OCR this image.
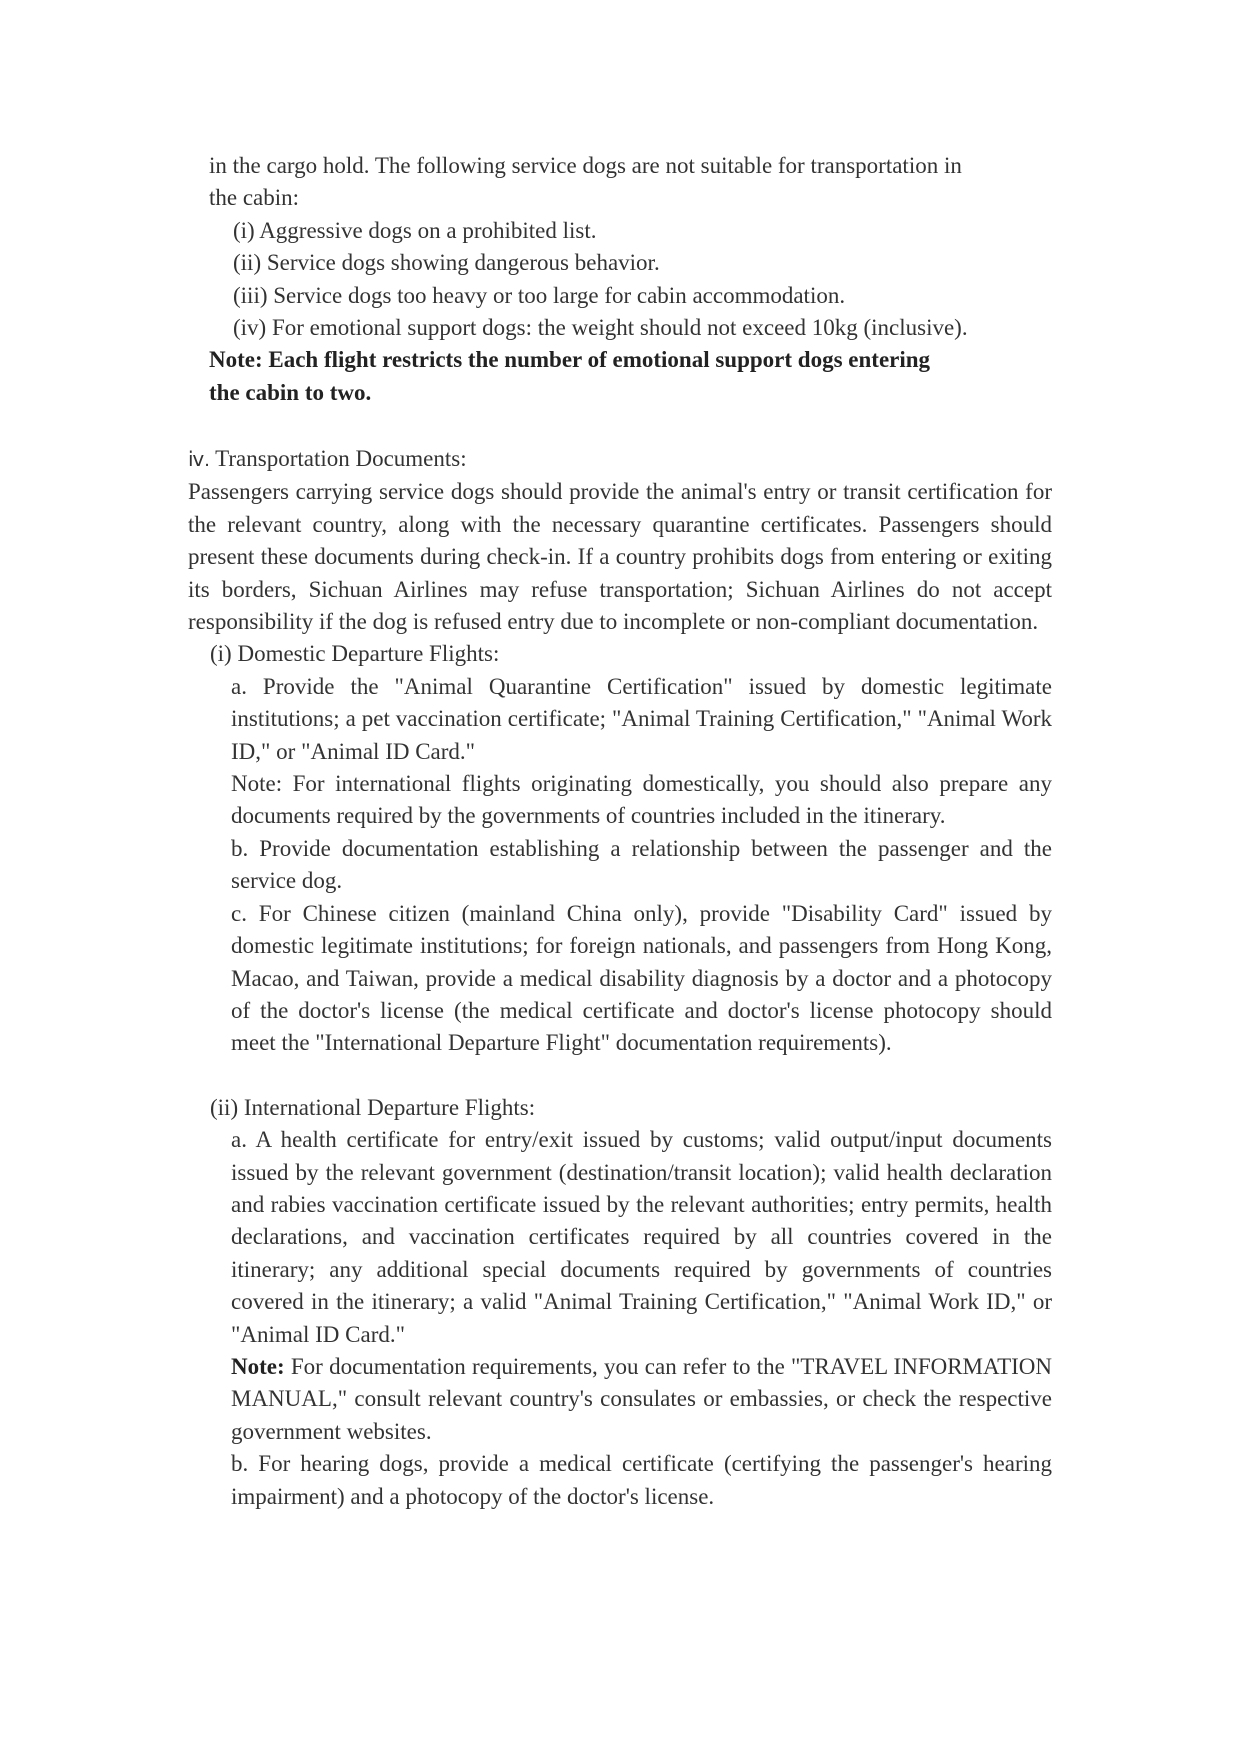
in the cargo hold. The following service dogs are not suitable for transportation in
the cabin:
(i) Aggressive dogs on a prohibited list.
(ii) Service dogs showing dangerous behavior.
(iii) Service dogs too heavy or too large for cabin accommodation.
(iv) For emotional support dogs: the weight should not exceed 10kg (inclusive).
Note: Each flight restricts the number of emotional support dogs entering
the cabin to two.
ⅳ. Transportation Documents:
Passengers carrying service dogs should provide the animal's entry or transit certification for the relevant country, along with the necessary quarantine certificates. Passengers should present these documents during check-in. If a country prohibits dogs from entering or exiting its borders, Sichuan Airlines may refuse transportation; Sichuan Airlines do not accept responsibility if the dog is refused entry due to incomplete or non-compliant documentation.
(i) Domestic Departure Flights:
a. Provide the "Animal Quarantine Certification" issued by domestic legitimate institutions; a pet vaccination certificate; "Animal Training Certification," "Animal Work ID," or "Animal ID Card."
Note: For international flights originating domestically, you should also prepare any documents required by the governments of countries included in the itinerary.
b. Provide documentation establishing a relationship between the passenger and the service dog.
c. For Chinese citizen (mainland China only), provide "Disability Card" issued by domestic legitimate institutions; for foreign nationals, and passengers from Hong Kong, Macao, and Taiwan, provide a medical disability diagnosis by a doctor and a photocopy of the doctor's license (the medical certificate and doctor's license photocopy should meet the "International Departure Flight" documentation requirements).
(ii) International Departure Flights:
a. A health certificate for entry/exit issued by customs; valid output/input documents issued by the relevant government (destination/transit location); valid health declaration and rabies vaccination certificate issued by the relevant authorities; entry permits, health declarations, and vaccination certificates required by all countries covered in the itinerary; any additional special documents required by governments of countries covered in the itinerary; a valid "Animal Training Certification," "Animal Work ID," or "Animal ID Card."
Note: For documentation requirements, you can refer to the "TRAVEL INFORMATION MANUAL," consult relevant country's consulates or embassies, or check the respective government websites.
b. For hearing dogs, provide a medical certificate (certifying the passenger's hearing impairment) and a photocopy of the doctor's license.
